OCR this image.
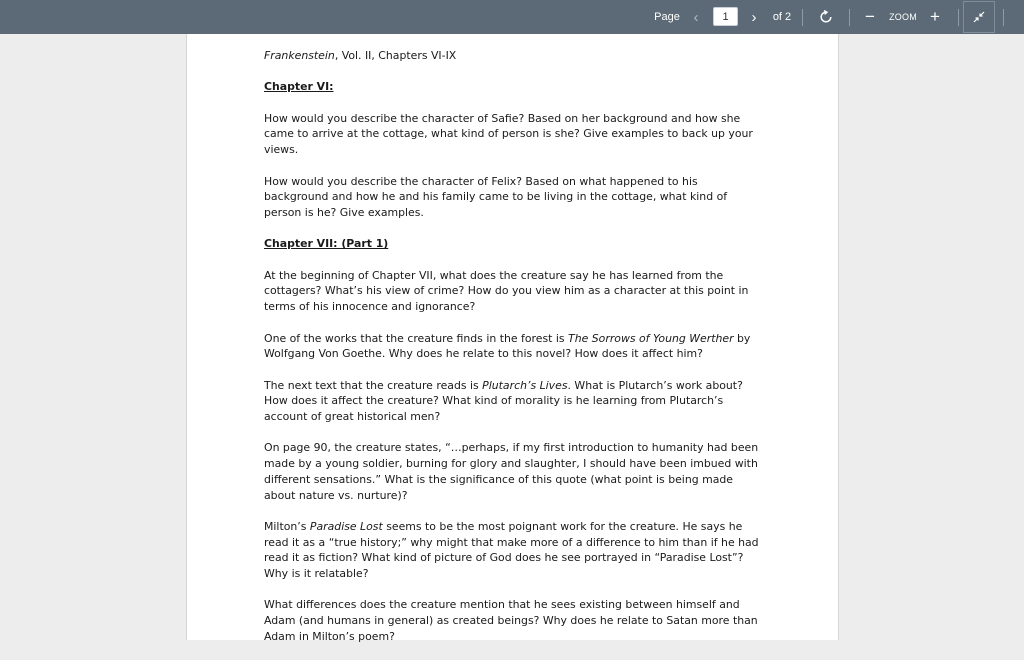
Page ‹
1	›	of 2	−	ZOOM +

Frankenstein, Vol. II, Chapters VI-IX

Chapter VI:

How would you describe the character of Safie? Based on her background and how she came to arrive at the cottage, what kind of person is she? Give examples to back up your views.

How would you describe the character of Felix? Based on what happened to his background and how he and his family came to be living in the cottage, what kind of person is he? Give examples.

Chapter VII: (Part 1)

At the beginning of Chapter VII, what does the creature say he has learned from the cottagers? What’s his view of crime? How do you view him as a character at this point in terms of his innocence and ignorance?

One of the works that the creature finds in the forest is The Sorrows of Young Werther by Wolfgang Von Goethe. Why does he relate to this novel? How does it affect him?

The next text that the creature reads is Plutarch’s Lives. What is Plutarch’s work about? How does it affect the creature? What kind of morality is he learning from Plutarch’s account of great historical men?

On page 90, the creature states, “…perhaps, if my first introduction to humanity had been made by a young soldier, burning for glory and slaughter, I should have been imbued with different sensations.” What is the significance of this quote (what point is being made about nature vs. nurture)?

Milton’s Paradise Lost seems to be the most poignant work for the creature. He says he read it as a “true history;” why might that make more of a difference to him than if he had read it as fiction? What kind of picture of God does he see portrayed in “Paradise Lost”? Why is it relatable?

What differences does the creature mention that he sees existing between himself and Adam (and humans in general) as created beings? Why does he relate to Satan more than Adam in Milton’s poem?
